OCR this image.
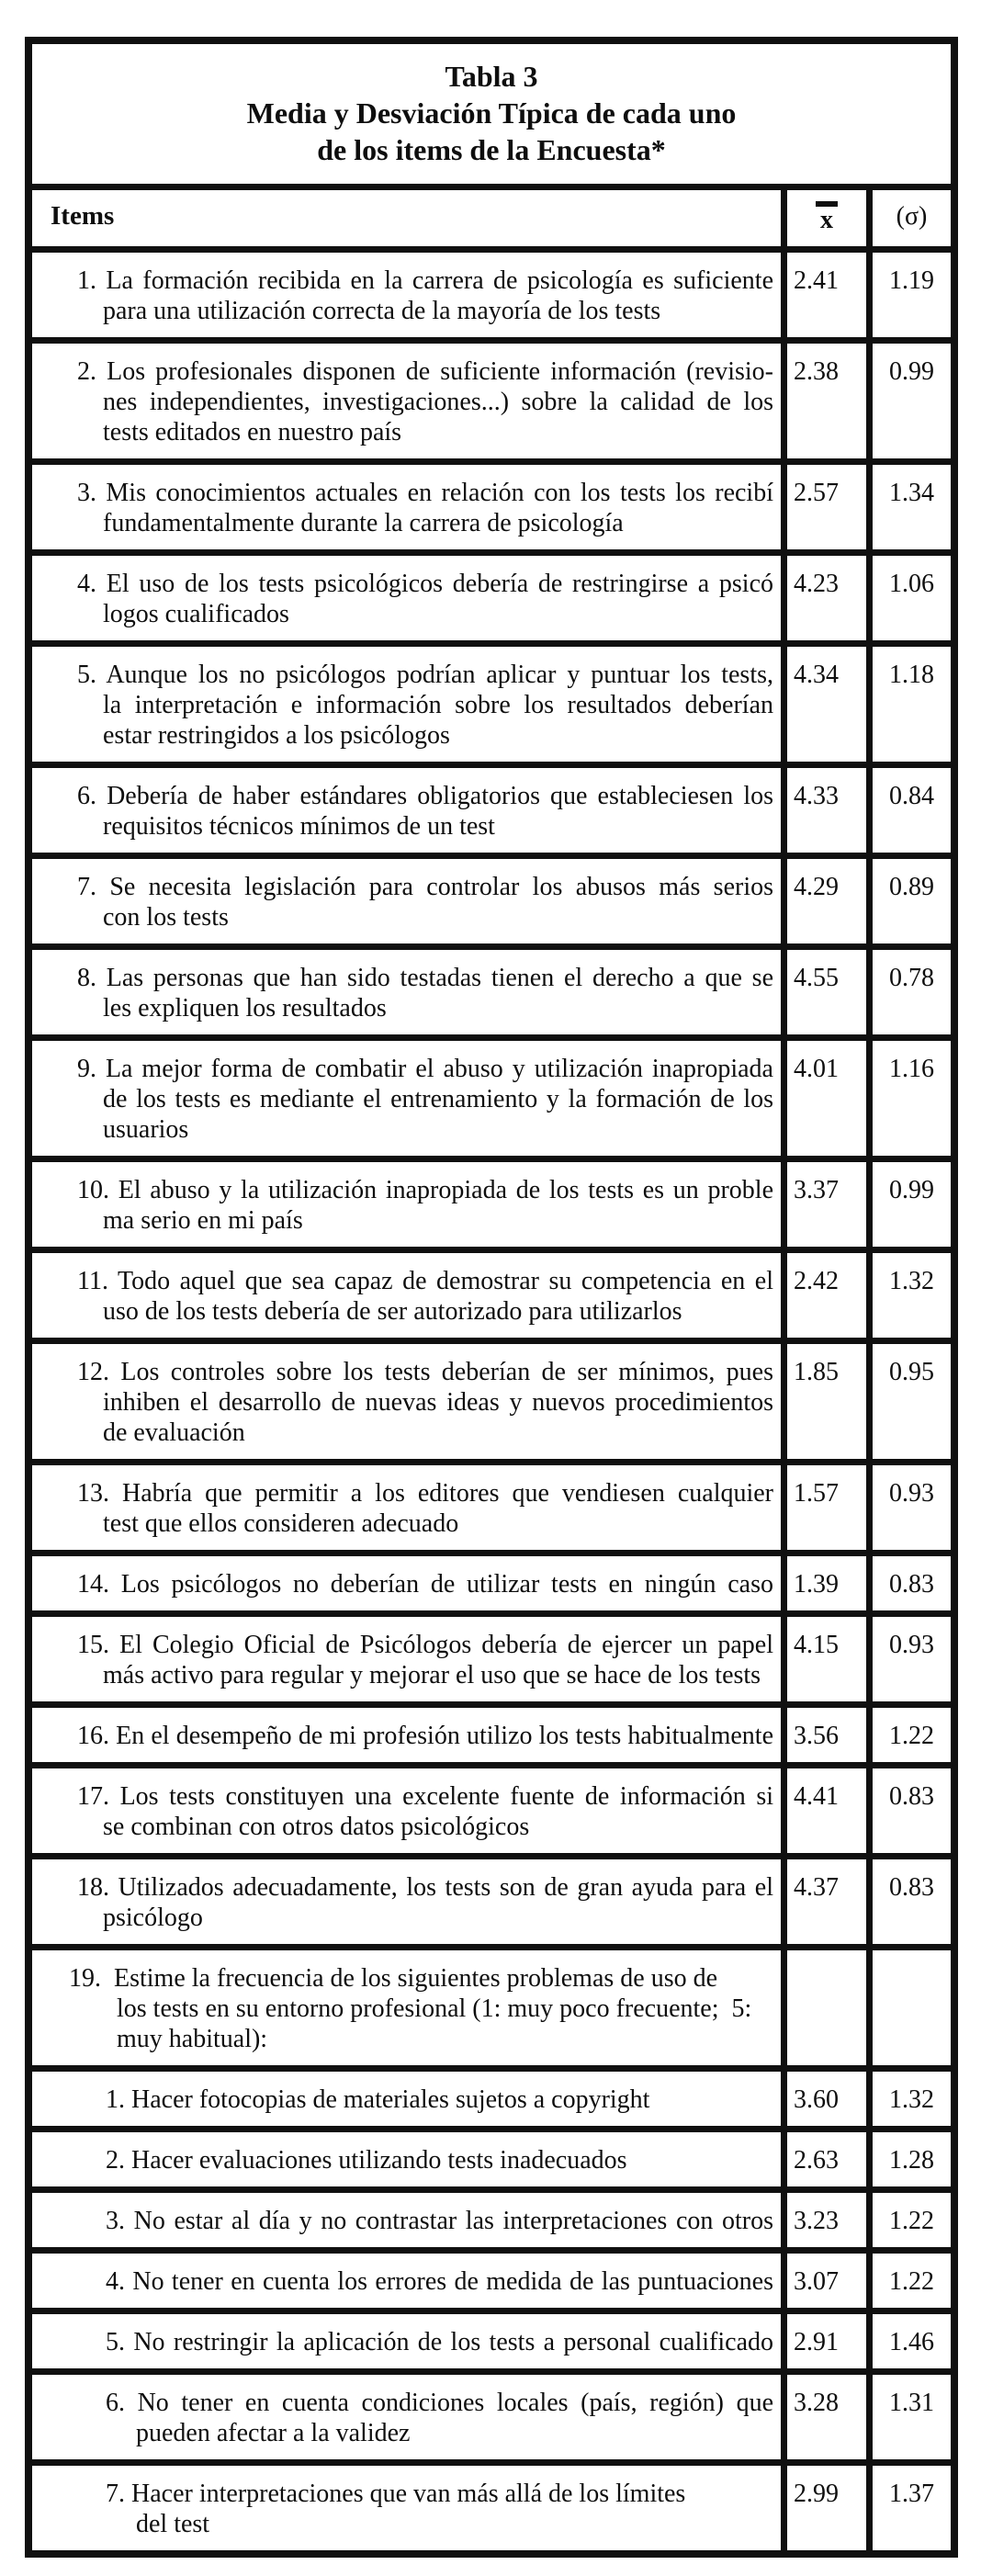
Tabla 3
Media y Desviación Típica de cada uno
de los items de la Encuesta*
Items	x	(σ)
1. La formación recibida en la carrera de psicología es suficiente
para una utilización correcta de la mayoría de los tests
2.41	1.19
2. Los profesionales disponen de suficiente información (revisio-
nes independientes, investigaciones...) sobre la calidad de los
tests editados en nuestro país
2.38	0.99
3. Mis conocimientos actuales en relación con los tests los recibí
fundamentalmente durante la carrera de psicología
2.57	1.34
4. El uso de los tests psicológicos debería de restringirse a psicó
logos cualificados
4.23	1.06
5. Aunque los no psicólogos podrían aplicar y puntuar los tests,
la interpretación e información sobre los resultados deberían
estar restringidos a los psicólogos
4.34	1.18
6. Debería de haber estándares obligatorios que estableciesen los
requisitos técnicos mínimos de un test
4.33	0.84
7. Se necesita legislación para controlar los abusos más serios
con los tests
4.29	0.89
8. Las personas que han sido testadas tienen el derecho a que se
les expliquen los resultados
4.55	0.78
9. La mejor forma de combatir el abuso y utilización inapropiada
de los tests es mediante el entrenamiento y la formación de los
usuarios
4.01	1.16
10. El abuso y la utilización inapropiada de los tests es un proble
ma serio en mi país
3.37	0.99
11. Todo aquel que sea capaz de demostrar su competencia en el
uso de los tests debería de ser autorizado para utilizarlos
2.42	1.32
12. Los controles sobre los tests deberían de ser mínimos, pues
inhiben el desarrollo de nuevas ideas y nuevos procedimientos
de evaluación
1.85	0.95
13. Habría que permitir a los editores que vendiesen cualquier
test que ellos consideren adecuado
1.57	0.93
14. Los psicólogos no deberían de utilizar tests en ningún caso 1.39	0.83
15. El Colegio Oficial de Psicólogos debería de ejercer un papel
más activo para regular y mejorar el uso que se hace de los tests
4.15	0.93
16. En el desempeño de mi profesión utilizo los tests habitualmente 3.56	1.22
17. Los tests constituyen una excelente fuente de información si
se combinan con otros datos psicológicos
4.41	0.83
18. Utilizados adecuadamente, los tests son de gran ayuda para el
psicólogo
4.37	0.83
19.  Estime la frecuencia de los siguientes problemas de uso de
los tests en su entorno profesional (1: muy poco frecuente;  5:
muy habitual):
1. Hacer fotocopias de materiales sujetos a copyright	3.60	1.32
2. Hacer evaluaciones utilizando tests inadecuados	2.63	1.28
3. No estar al día y no contrastar las interpretaciones con otros 3.23	1.22
4. No tener en cuenta los errores de medida de las puntuaciones 3.07	1.22
5. No restringir la aplicación de los tests a personal cualificado 2.91	1.46
6. No tener en cuenta condiciones locales (país, región) que
pueden afectar a la validez
3.28	1.31
7. Hacer interpretaciones que van más allá de los límites
del test
2.99	1.37
